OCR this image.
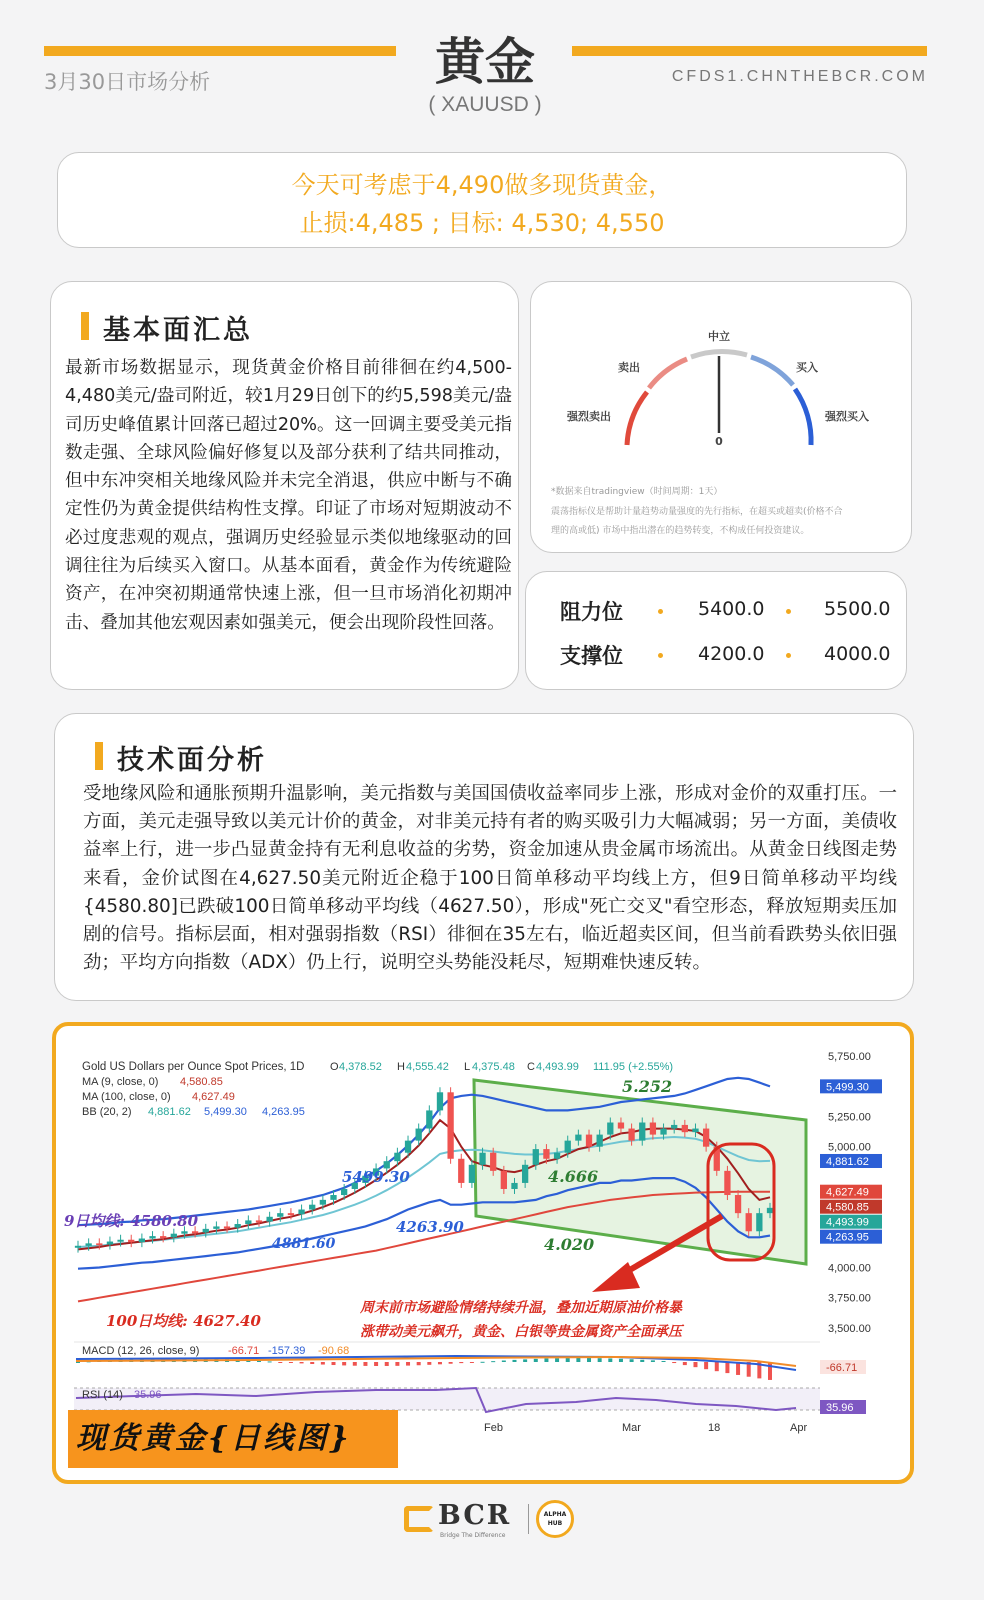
黄金
( XAUUSD )
3月30日市场分析	CFDS1.CHNTHEBCR.COM
今天可考虑于4,490做多现货黄金，
止损:4,485 ; 目标: 4,530; 4,550
基本面汇总
最新市场数据显示，现货黄金价格目前徘徊在约4,500-4,480美元/盎司附近，较1月29日创下的约5,598美元/盎司历史峰值累计回落已超过20%。这一回调主要受美元指数走强、全球风险偏好修复以及部分获利了结共同推动，但中东冲突相关地缘风险并未完全消退，供应中断与不确定性仍为黄金提供结构性支撑。印证了市场对短期波动不必过度悲观的观点，强调历史经验显示类似地缘驱动的回调往往为后续买入窗口。从基本面看，黄金作为传统避险资产，在冲突初期通常快速上涨，但一旦市场消化初期冲击、叠加其他宏观因素如强美元，便会出现阶段性回落。
0
中立
卖出	买入
强烈卖出	强烈买入
*数据来自tradingview（时间周期：1天）
震荡指标仪是帮助计量趋势动量强度的先行指标，在超买或超卖(价格不合
理的高或低) 市场中指出潜在的趋势转变，不构成任何投资建议。
阻力位	5400.0	5500.0
支撑位	4200.0	4000.0
技术面分析
受地缘风险和通胀预期升温影响，美元指数与美国国债收益率同步上涨，形成对金价的双重打压。一方面，美元走强导致以美元计价的黄金，对非美元持有者的购买吸引力大幅减弱；另一方面，美债收益率上行，进一步凸显黄金持有无利息收益的劣势，资金加速从贵金属市场流出。从黄金日线图走势来看，金价试图在4,627.50美元附近企稳于100日简单移动平均线上方，但9日简单移动平均线{4580.80]已跌破100日简单移动平均线（4627.50），形成"死亡交叉"看空形态，释放短期卖压加剧的信号。指标层面，相对强弱指数（RSI）徘徊在35左右，临近超卖区间，但当前看跌势头依旧强劲；平均方向指数（ADX）仍上行，说明空头势能没耗尽，短期难快速反转。
Gold US Dollars per Ounce Spot Prices, 1D O 4,378.52 H 4,555.42 L 4,375.48 C 4,493.99 111.95 (+2.55%)
MA (9, close, 0) 4,580.85
MA (100, close, 0) 4,627.49
BB (20, 2) 4,881.62 5,499.30 4,263.95
5,750.00
5,250.00
5,000.00
4,000.00
3,750.00
3,500.00
5,499.30
4,881.62
4,627.49
4,580.85
4,493.99
4,263.95
5.252
4.666
4.020
5499.30
4263.90
4881.60
9日均线: 4580.80
100日均线: 4627.40
周末前市场避险情绪持续升温，叠加近期原油价格暴
涨带动美元飙升，黄金、白银等贵金属资产全面承压
MACD (12, 26, close, 9)	-66.71 -157.39 -90.68
-66.71
RSI (14) 35.96
35.96
Feb	Mar	18	Apr
现货黄金{日线图}
BCR
Bridge The Difference
ALPHA
HUB
